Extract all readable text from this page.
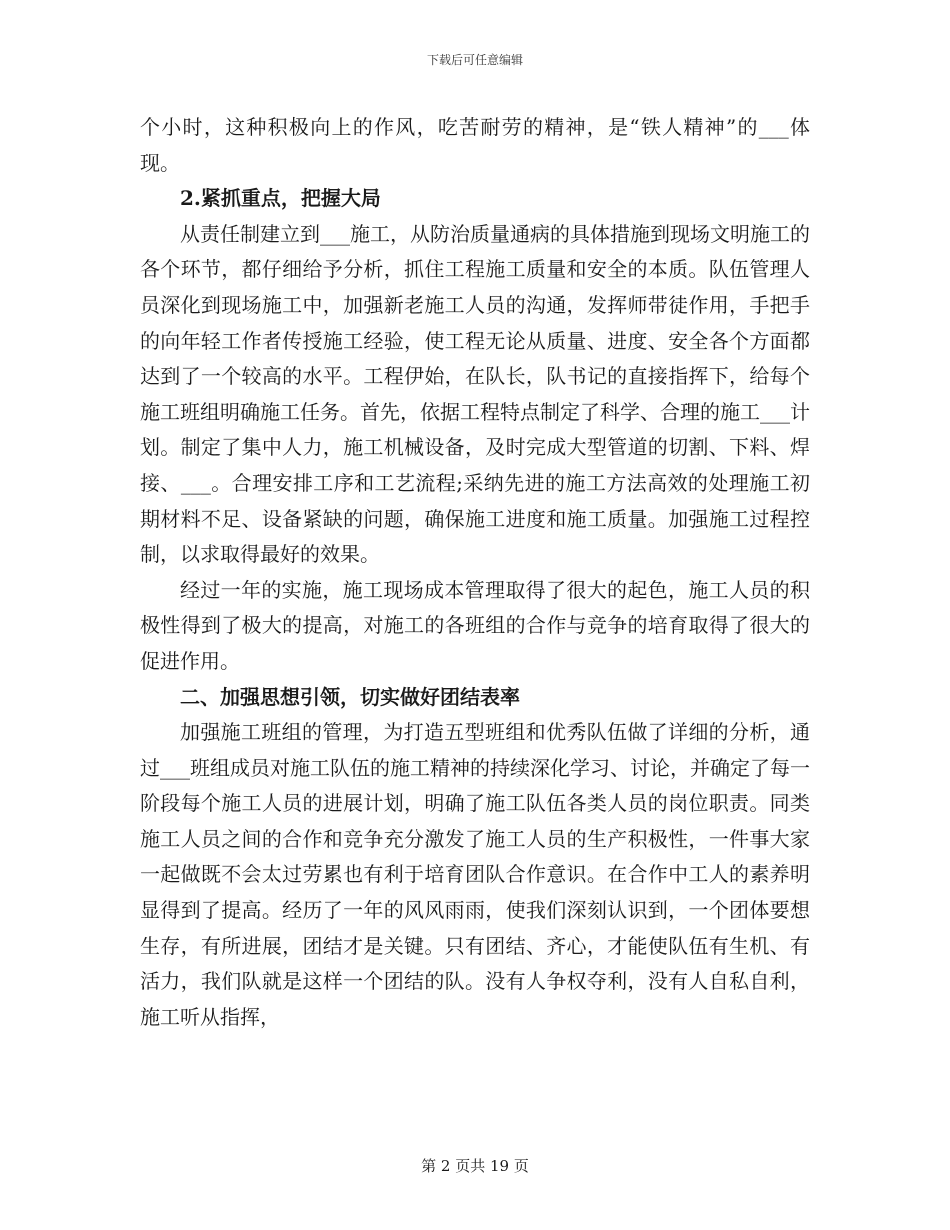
下载后可任意编辑

个小时，这种积极向上的作风，吃苦耐劳的精神，是“铁人精神”的___体现。

2.紧抓重点，把握大局

从责任制建立到___施工，从防治质量通病的具体措施到现场文明施工的各个环节，都仔细给予分析，抓住工程施工质量和安全的本质。队伍管理人员深化到现场施工中，加强新老施工人员的沟通，发挥师带徒作用，手把手的向年轻工作者传授施工经验，使工程无论从质量、进度、安全各个方面都达到了一个较高的水平。工程伊始，在队长，队书记的直接指挥下，给每个施工班组明确施工任务。首先，依据工程特点制定了科学、合理的施工___计划。制定了集中人力，施工机械设备，及时完成大型管道的切割、下料、焊接、___。合理安排工序和工艺流程;采纳先进的施工方法高效的处理施工初期材料不足、设备紧缺的问题，确保施工进度和施工质量。加强施工过程控制，以求取得最好的效果。

经过一年的实施，施工现场成本管理取得了很大的起色，施工人员的积极性得到了极大的提高，对施工的各班组的合作与竞争的培育取得了很大的促进作用。

二、加强思想引领，切实做好团结表率

加强施工班组的管理，为打造五型班组和优秀队伍做了详细的分析，通过___班组成员对施工队伍的施工精神的持续深化学习、讨论，并确定了每一阶段每个施工人员的进展计划，明确了施工队伍各类人员的岗位职责。同类施工人员之间的合作和竞争充分激发了施工人员的生产积极性，一件事大家一起做既不会太过劳累也有利于培育团队合作意识。在合作中工人的素养明显得到了提高。经历了一年的风风雨雨，使我们深刻认识到，一个团体要想生存，有所进展，团结才是关键。只有团结、齐心，才能使队伍有生机、有活力，我们队就是这样一个团结的队。没有人争权夺利，没有人自私自利，施工听从指挥，

第 2 页共 19 页
